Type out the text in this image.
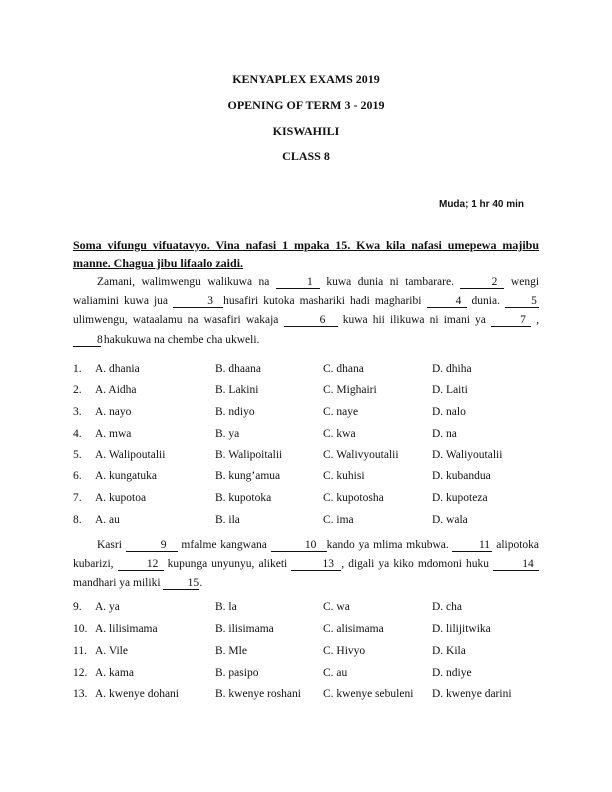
KENYAPLEX EXAMS 2019
OPENING OF TERM 3 - 2019
KISWAHILI
CLASS 8
Muda; 1 hr 40 min
Soma vifungu vifuatavyo. Vina nafasi 1 mpaka 15. Kwa kila nafasi umepewa majibu manne. Chagua jibu lifaalo zaidi.
Zamani, walimwengu walikuwa na	1 kuwa dunia ni tambarare.	2 wengi waliamini kuwa jua	3 husafiri kutoka mashariki hadi magharibi	4 dunia.	5 ulimwengu, wataalamu na wasafiri wakaja	6 kuwa hii ilikuwa ni imani ya	7 , 8 hakukuwa na chembe cha ukweli.
1. A. dhania	B. dhaana	C. dhana	D. dhiha
2. A. Aidha	B. Lakini	C. Mighairi	D. Laiti
3. A. nayo	B. ndiyo	C. naye	D. nalo
4. A. mwa	B. ya	C. kwa	D. na
5. A. Walipoutalii	B. Walipoitalii	C. Walivyoutalii	D. Waliyoutalii
6. A. kungatuka	B. kung’amua	C. kuhisi	D. kubandua
7. A. kupotoa	B. kupotoka	C. kupotosha	D. kupoteza
8. A. au	B. ila	C. ima	D. wala
Kasri	9 mfalme kangwana	10 kando ya mlima mkubwa.	11 alipotoka kubarizi,	12 kupunga unyunyu, aliketi	13 , digali ya kiko mdomoni huku	14 mandhari ya miliki 15.
9. A. ya	B. la	C. wa	D. cha
10. A. lilisimama	B. ilisimama	C. alisimama	D. lilijitwika
11. A. Vile	B. Mle	C. Hivyo	D. Kila
12. A. kama	B. pasipo	C. au	D. ndiye
13. A. kwenye dohani	B. kwenye roshani C. kwenye sebuleni D. kwenye darini
